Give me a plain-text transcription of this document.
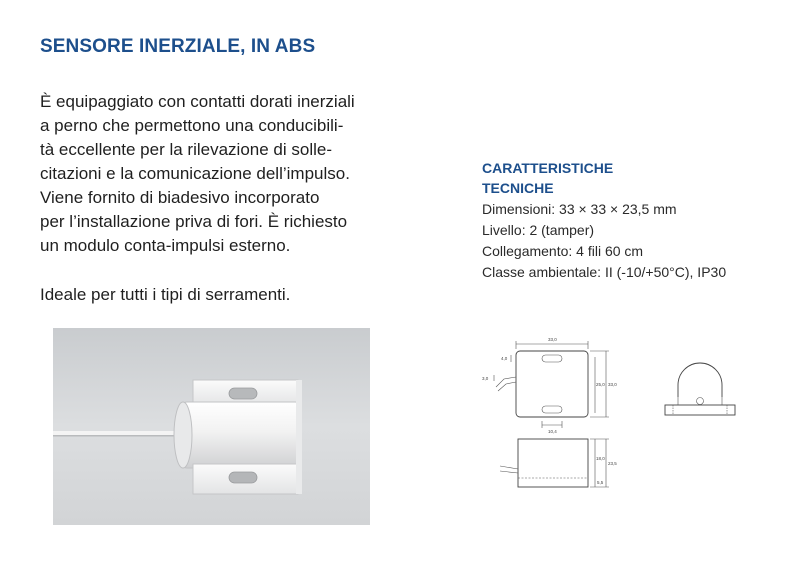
SENSORE INERZIALE, IN ABS
È equipaggiato con contatti dorati inerziali
a perno che permettono una conducibili-
tà eccellente per la rilevazione di solle-
citazioni e la comunicazione dell’impulso.
Viene fornito di biadesivo incorporato
per l’installazione priva di fori. È richiesto
un modulo conta-impulsi esterno.
Ideale per tutti i tipi di serramenti.
CARATTERISTICHE
TECNICHE
Dimensioni: 33 × 33 × 23,5 mm
Livello: 2 (tamper)
Collegamento: 4 fili 60 cm
Classe ambientale: II (-10/+50°C), IP30
33,0
4,0
3,0
25,0 33,0
10,4
18,0
23,5
5,5
